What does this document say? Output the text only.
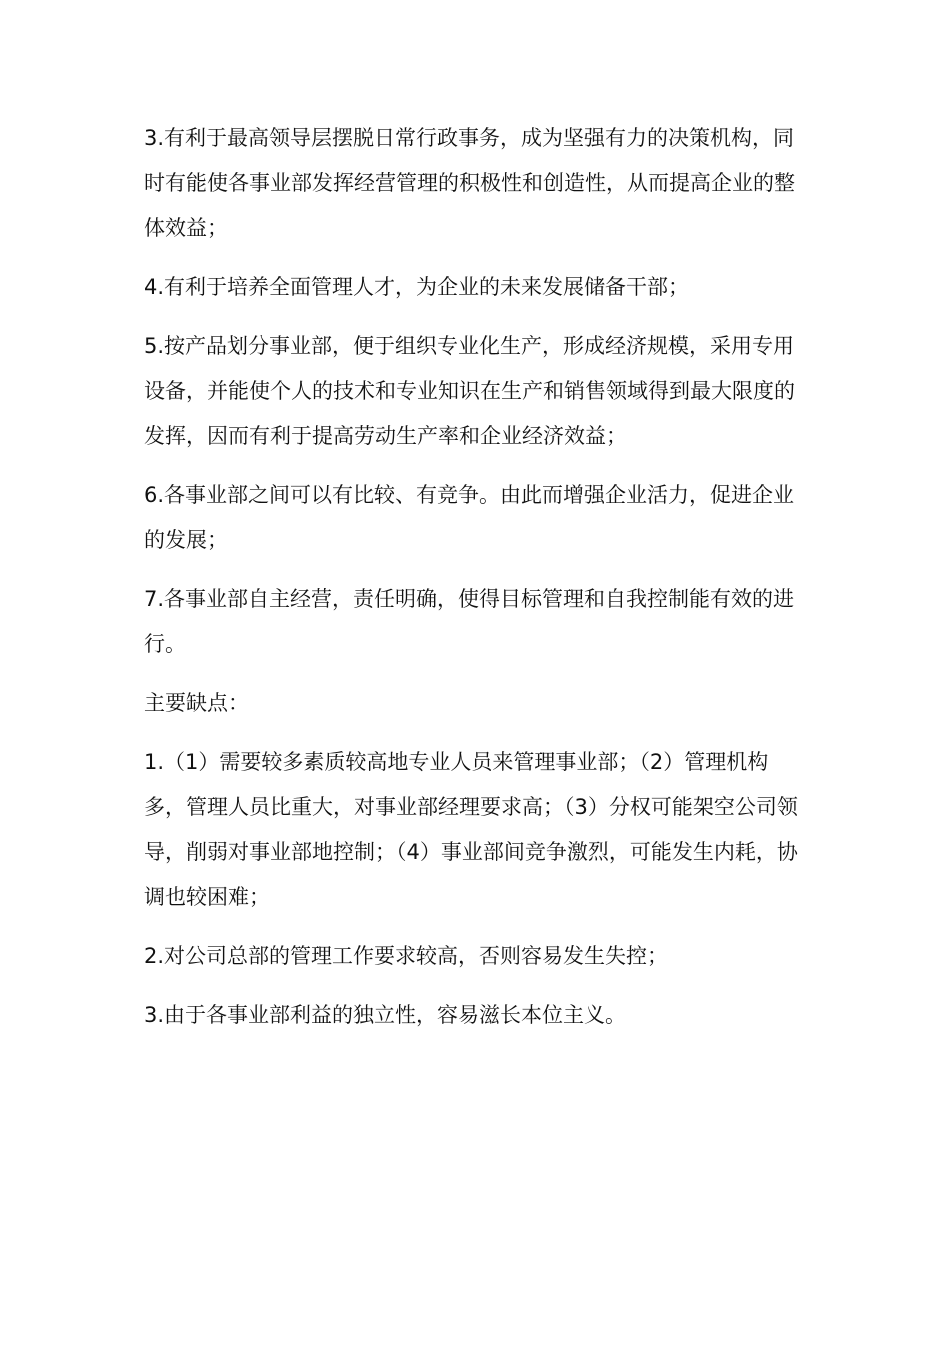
3.有利于最高领导层摆脱日常行政事务，成为坚强有力的决策机构，同时有能使各事业部发挥经营管理的积极性和创造性，从而提高企业的整体效益；

4.有利于培养全面管理人才，为企业的未来发展储备干部；

5.按产品划分事业部，便于组织专业化生产，形成经济规模，采用专用设备，并能使个人的技术和专业知识在生产和销售领域得到最大限度的发挥，因而有利于提高劳动生产率和企业经济效益；

6.各事业部之间可以有比较、有竞争。由此而增强企业活力，促进企业的发展；

7.各事业部自主经营，责任明确，使得目标管理和自我控制能有效的进行。

主要缺点：

1.（1）需要较多素质较高地专业人员来管理事业部；（2）管理机构多，管理人员比重大，对事业部经理要求高；（3）分权可能架空公司领导，削弱对事业部地控制；（4）事业部间竞争激烈，可能发生内耗，协调也较困难；

2.对公司总部的管理工作要求较高，否则容易发生失控；

3.由于各事业部利益的独立性，容易滋长本位主义。
